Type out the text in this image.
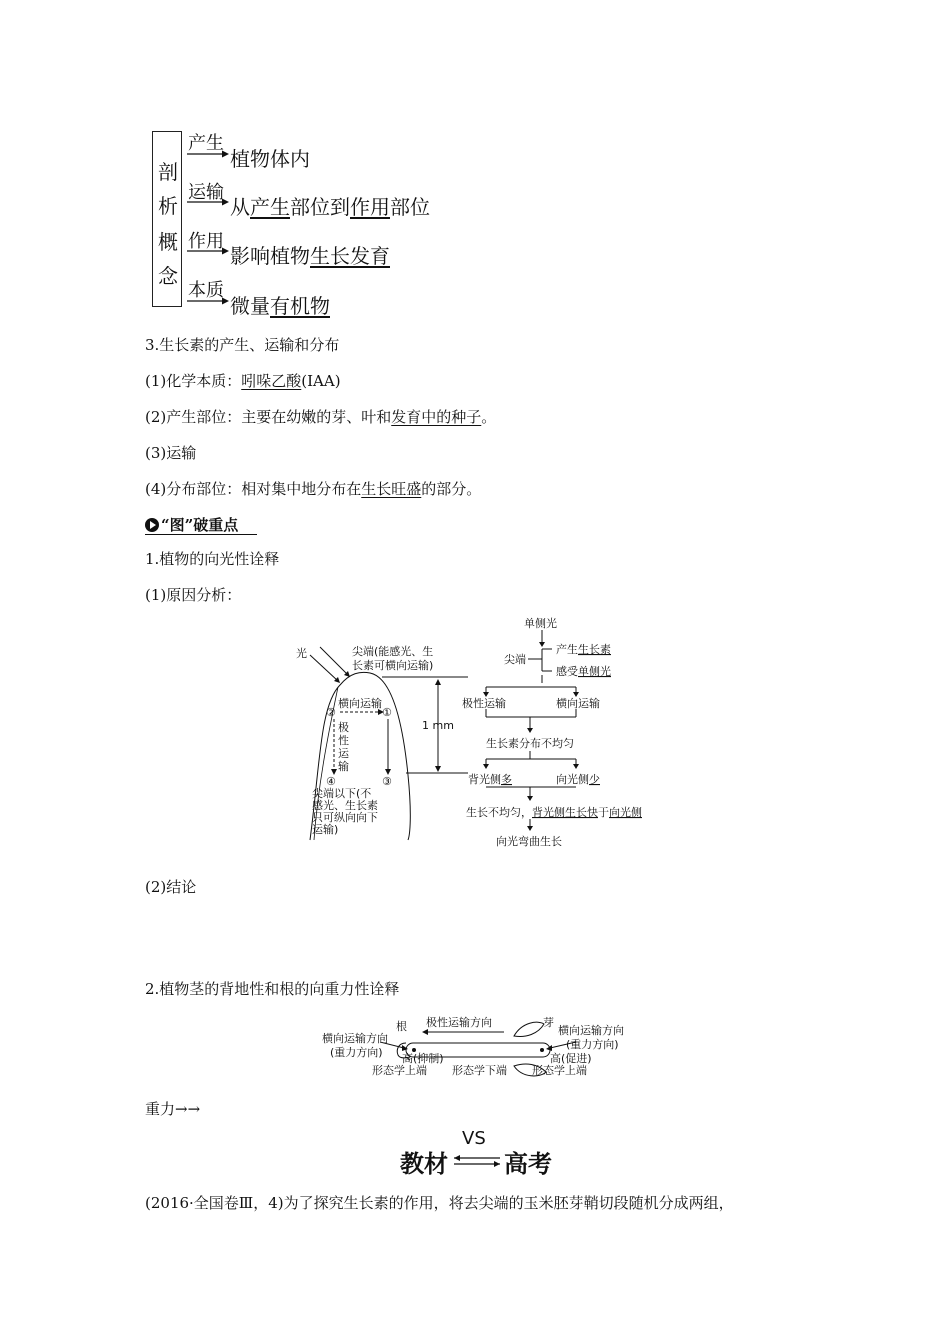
剖
析
概
念
产生
运输
作用
本质
植物体内
从产生部位到作用部位
影响植物生长发育
微量有机物
3.生长素的产生、运输和分布
(1)化学本质：吲哚乙酸(IAA)
(2)产生部位：主要在幼嫩的芽、叶和发育中的种子。
(3)运输
(4)分布部位：相对集中地分布在生长旺盛的部分。
“图”破重点
1.植物的向光性诠释
(1)原因分析：
光	尖端(能感光、生
长素可横向运输)
横向运输
②	①
④	③
极
性
运
输
尖端以下(不
感光、生长素
只可纵向向下
运输)
1 mm
单侧光
尖端
产生生长素
感受单侧光
极性运输	横向运输
生长素分布不均匀
背光侧多	向光侧少
生长不均匀，背光侧生长快于向光侧
向光弯曲生长
(2)结论
2.植物茎的背地性和根的向重力性诠释
根 极性运输方向	芽
横向运输方向
(重力方向)
横向运输方向
(重力方向)
高(抑制)	高(促进)
形态学上端 形态学下端 形态学上端
重力→→
教材
VS
高考
(2016·全国卷Ⅲ，4)为了探究生长素的作用，将去尖端的玉米胚芽鞘切段随机分成两组，
